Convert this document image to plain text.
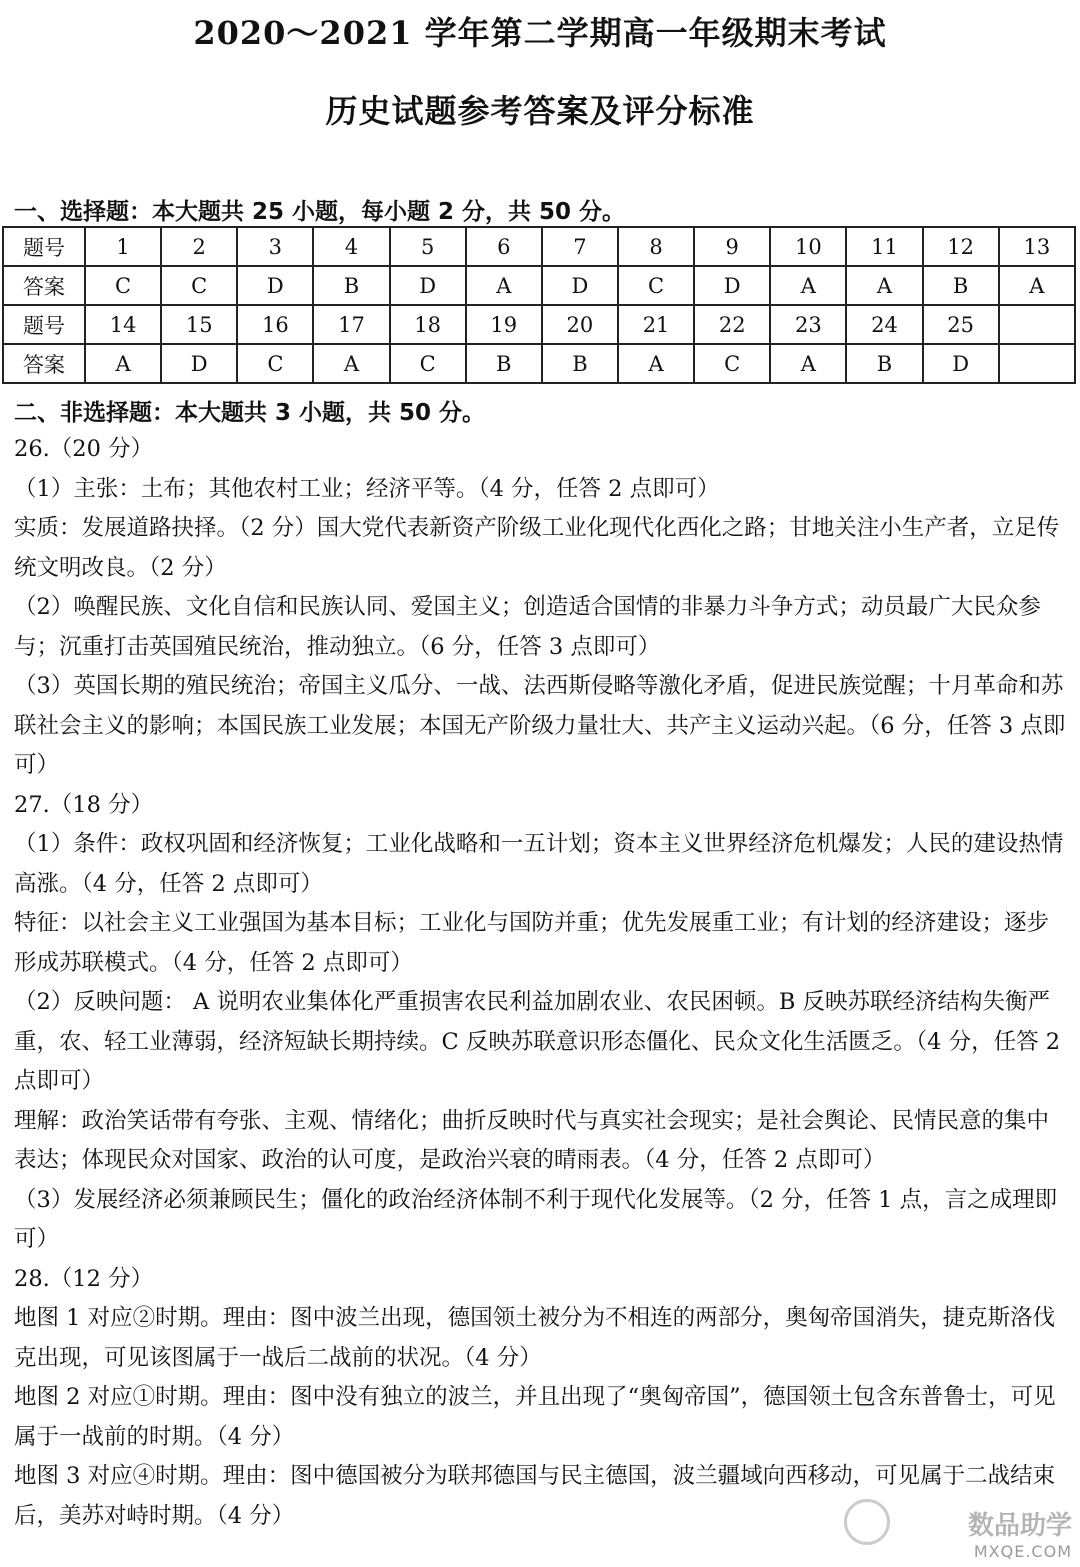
2020～2021 学年第二学期高一年级期末考试
历史试题参考答案及评分标准
一、选择题：本大题共 25 小题，每小题 2 分，共 50 分。
题号	1	2	3	4	5	6	7	8	9	10	11	12	13
答案	C	C	D	B	D	A	D	C	D	A	A	B	A
题号	14	15	16	17	18	19	20	21	22	23	24	25	
答案	A	D	C	A	C	B	B	A	C	A	B	D	
二、非选择题：本大题共 3 小题，共 50 分。

26.（20 分）

（1）主张：土布；其他农村工业；经济平等。（4 分，任答 2 点即可）

实质：发展道路抉择。（2 分）国大党代表新资产阶级工业化现代化西化之路；甘地关注小生产者，立足传统文明改良。（2 分）

（2）唤醒民族、文化自信和民族认同、爱国主义；创造适合国情的非暴力斗争方式；动员最广大民众参与；沉重打击英国殖民统治，推动独立。（6 分，任答 3 点即可）

（3）英国长期的殖民统治；帝国主义瓜分、一战、法西斯侵略等激化矛盾，促进民族觉醒；十月革命和苏联社会主义的影响；本国民族工业发展；本国无产阶级力量壮大、共产主义运动兴起。（6 分，任答 3 点即可）

27.（18 分）

（1）条件：政权巩固和经济恢复；工业化战略和一五计划；资本主义世界经济危机爆发；人民的建设热情高涨。（4 分，任答 2 点即可）

特征：以社会主义工业强国为基本目标；工业化与国防并重；优先发展重工业；有计划的经济建设；逐步形成苏联模式。（4 分，任答 2 点即可）

（2）反映问题： A 说明农业集体化严重损害农民利益加剧农业、农民困顿。B 反映苏联经济结构失衡严重，农、轻工业薄弱，经济短缺长期持续。C 反映苏联意识形态僵化、民众文化生活匮乏。（4 分，任答 2 点即可）

理解：政治笑话带有夸张、主观、情绪化；曲折反映时代与真实社会现实；是社会舆论、民情民意的集中表达；体现民众对国家、政治的认可度，是政治兴衰的晴雨表。（4 分，任答 2 点即可）

（3）发展经济必须兼顾民生；僵化的政治经济体制不利于现代化发展等。（2 分，任答 1 点，言之成理即可）

28.（12 分）

地图 1 对应②时期。理由：图中波兰出现，德国领土被分为不相连的两部分，奥匈帝国消失，捷克斯洛伐克出现，可见该图属于一战后二战前的状况。（4 分）

地图 2 对应①时期。理由：图中没有独立的波兰，并且出现了“奥匈帝国”，德国领土包含东普鲁士，可见属于一战前的时期。（4 分）

地图 3 对应④时期。理由：图中德国被分为联邦德国与民主德国，波兰疆域向西移动，可见属于二战结束后，美苏对峙时期。（4 分）	数品助学
MXQE.COM
